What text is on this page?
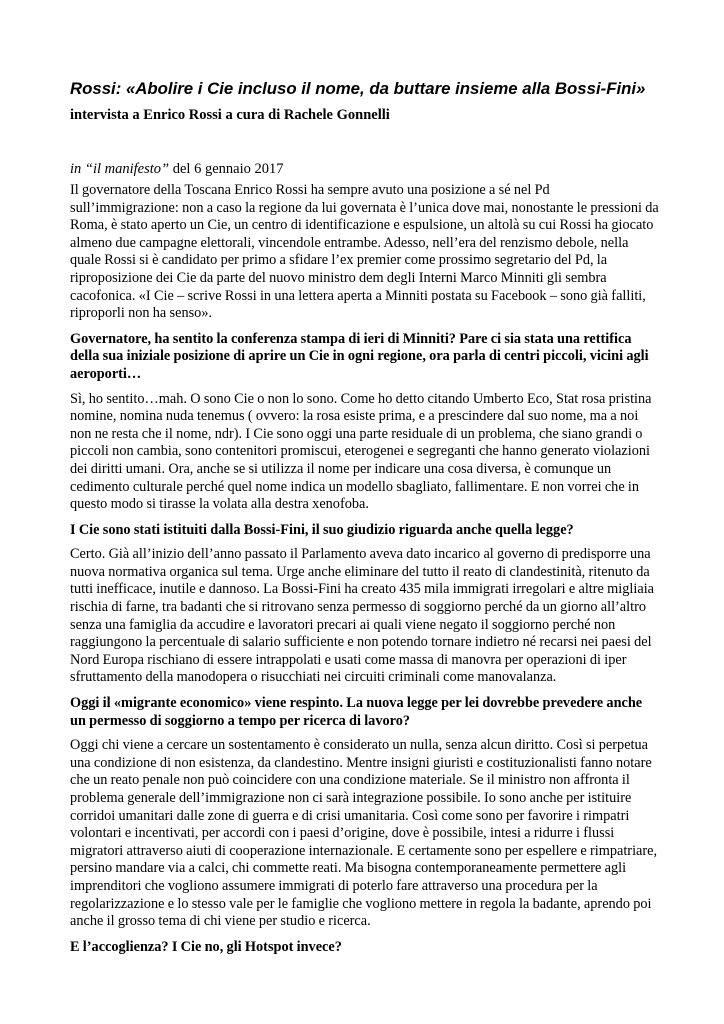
Rossi: «Abolire i Cie incluso il nome, da buttare insieme alla Bossi-Fini»
intervista a Enrico Rossi a cura di Rachele Gonnelli
in “il manifesto” del 6 gennaio 2017
Il governatore della Toscana Enrico Rossi ha sempre avuto una posizione a sé nel Pd sull’immigrazione: non a caso la regione da lui governata è l’unica dove mai, nonostante le pressioni da Roma, è stato aperto un Cie, un centro di identificazione e espulsione, un altolà su cui Rossi ha giocato almeno due campagne elettorali, vincendole entrambe. Adesso, nell’era del renzismo debole, nella quale Rossi si è candidato per primo a sfidare l’ex premier come prossimo segretario del Pd, la riproposizione dei Cie da parte del nuovo ministro dem degli Interni Marco Minniti gli sembra cacofonica. «I Cie – scrive Rossi in una lettera aperta a Minniti postata su Facebook – sono già falliti, riproporli non ha senso».
Governatore, ha sentito la conferenza stampa di ieri di Minniti? Pare ci sia stata una rettifica della sua iniziale posizione di aprire un Cie in ogni regione, ora parla di centri piccoli, vicini agli aeroporti…
Sì, ho sentito…mah. O sono Cie o non lo sono. Come ho detto citando Umberto Eco, Stat rosa pristina nomine, nomina nuda tenemus ( ovvero: la rosa esiste prima, e a prescindere dal suo nome, ma a noi non ne resta che il nome, ndr). I Cie sono oggi una parte residuale di un problema, che siano grandi o piccoli non cambia, sono contenitori promiscui, eterogenei e segreganti che hanno generato violazioni dei diritti umani. Ora, anche se si utilizza il nome per indicare una cosa diversa, è comunque un cedimento culturale perché quel nome indica un modello sbagliato, fallimentare. E non vorrei che in questo modo si tirasse la volata alla destra xenofoba.
I Cie sono stati istituiti dalla Bossi-Fini, il suo giudizio riguarda anche quella legge?
Certo. Già all’inizio dell’anno passato il Parlamento aveva dato incarico al governo di predisporre una nuova normativa organica sul tema. Urge anche eliminare del tutto il reato di clandestinità, ritenuto da tutti inefficace, inutile e dannoso. La Bossi-Fini ha creato 435 mila immigrati irregolari e altre migliaia rischia di farne, tra badanti che si ritrovano senza permesso di soggiorno perché da un giorno all’altro senza una famiglia da accudire e lavoratori precari ai quali viene negato il soggiorno perché non raggiungono la percentuale di salario sufficiente e non potendo tornare indietro né recarsi nei paesi del Nord Europa rischiano di essere intrappolati e usati come massa di manovra per operazioni di iper sfruttamento della manodopera o risucchiati nei circuiti criminali come manovalanza.
Oggi il «migrante economico» viene respinto. La nuova legge per lei dovrebbe prevedere anche un permesso di soggiorno a tempo per ricerca di lavoro?
Oggi chi viene a cercare un sostentamento è considerato un nulla, senza alcun diritto. Così si perpetua una condizione di non esistenza, da clandestino. Mentre insigni giuristi e costituzionalisti fanno notare che un reato penale non può coincidere con una condizione materiale. Se il ministro non affronta il problema generale dell’immigrazione non ci sarà integrazione possibile. Io sono anche per istituire corridoi umanitari dalle zone di guerra e di crisi umanitaria. Così come sono per favorire i rimpatri volontari e incentivati, per accordi con i paesi d’origine, dove è possibile, intesi a ridurre i flussi migratori attraverso aiuti di cooperazione internazionale. E certamente sono per espellere e rimpatriare, persino mandare via a calci, chi commette reati. Ma bisogna contemporaneamente permettere agli imprenditori che vogliono assumere immigrati di poterlo fare attraverso una procedura per la regolarizzazione e lo stesso vale per le famiglie che vogliono mettere in regola la badante, aprendo poi anche il grosso tema di chi viene per studio e ricerca.
E l’accoglienza? I Cie no, gli Hotspot invece?
